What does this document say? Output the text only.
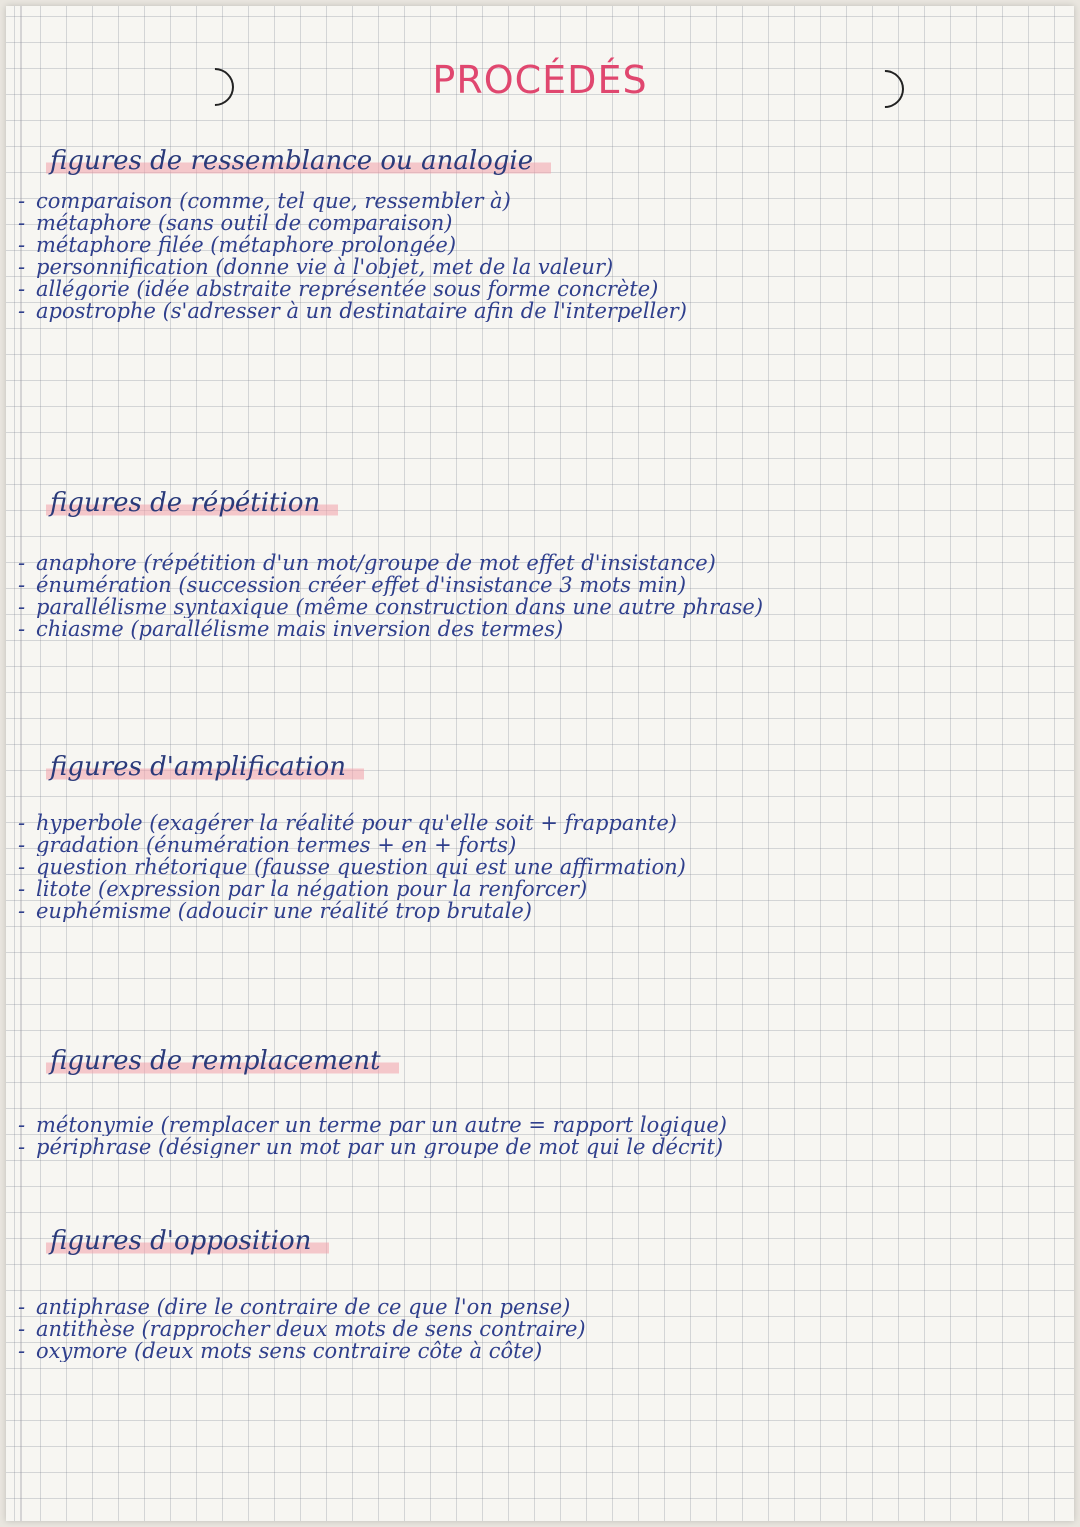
PROCÉDÉS
figures de ressemblance ou analogie
- comparaison (comme, tel que, ressembler à)
- métaphore (sans outil de comparaison)
- métaphore filée (métaphore prolongée)
- personnification (donne vie à l'objet, met de la valeur)
- allégorie (idée abstraite représentée sous forme concrète)
- apostrophe (s'adresser à un destinataire afin de l'interpeller)
figures de répétition
- anaphore (répétition d'un mot/groupe de mot effet d'insistance)
- énumération (succession créer effet d'insistance 3 mots min)
- parallélisme syntaxique (même construction dans une autre phrase)
- chiasme (parallélisme mais inversion des termes)
figures d'amplification
- hyperbole (exagérer la réalité pour qu'elle soit + frappante)
- gradation (énumération termes + en + forts)
- question rhétorique (fausse question qui est une affirmation)
- litote (expression par la négation pour la renforcer)
- euphémisme (adoucir une réalité trop brutale)
figures de remplacement
- métonymie (remplacer un terme par un autre = rapport logique)
- périphrase (désigner un mot par un groupe de mot qui le décrit)
figures d'opposition
- antiphrase (dire le contraire de ce que l'on pense)
- antithèse (rapprocher deux mots de sens contraire)
- oxymore (deux mots sens contraire côte à côte)
